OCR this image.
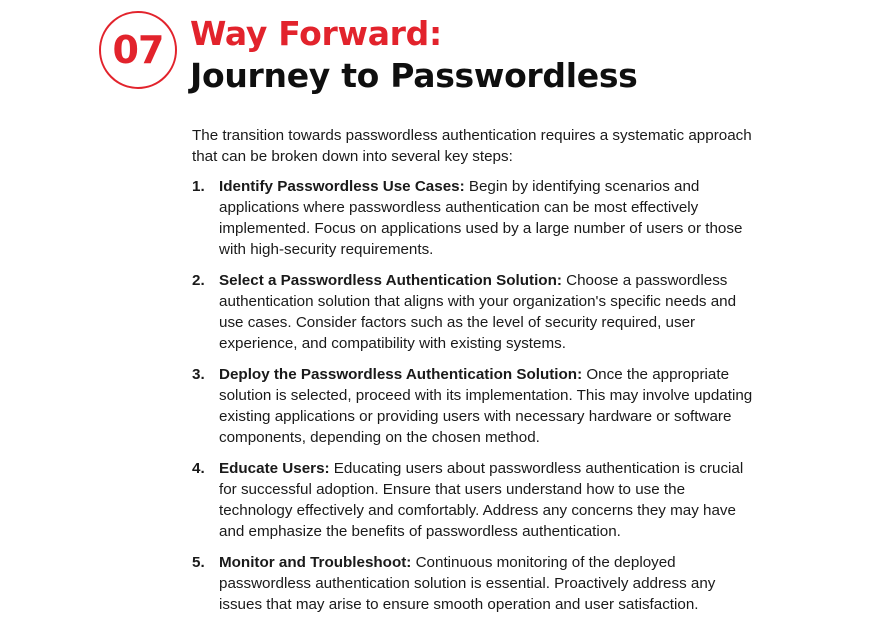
07 Way Forward:
Journey to Passwordless

The transition towards passwordless authentication requires a systematic approach that can be broken down into several key steps:

1. Identify Passwordless Use Cases: Begin by identifying scenarios and applications where passwordless authentication can be most effectively implemented. Focus on applications used by a large number of users or those with high-security requirements.
2. Select a Passwordless Authentication Solution: Choose a passwordless authentication solution that aligns with your organization's specific needs and use cases. Consider factors such as the level of security required, user experience, and compatibility with existing systems.
3. Deploy the Passwordless Authentication Solution: Once the appropriate solution is selected, proceed with its implementation. This may involve updating existing applications or providing users with necessary hardware or software components, depending on the chosen method.
4. Educate Users: Educating users about passwordless authentication is crucial for successful adoption. Ensure that users understand how to use the technology effectively and comfortably. Address any concerns they may have and emphasize the benefits of passwordless authentication.
5. Monitor and Troubleshoot: Continuous monitoring of the deployed passwordless authentication solution is essential. Proactively address any issues that may arise to ensure smooth operation and user satisfaction.
